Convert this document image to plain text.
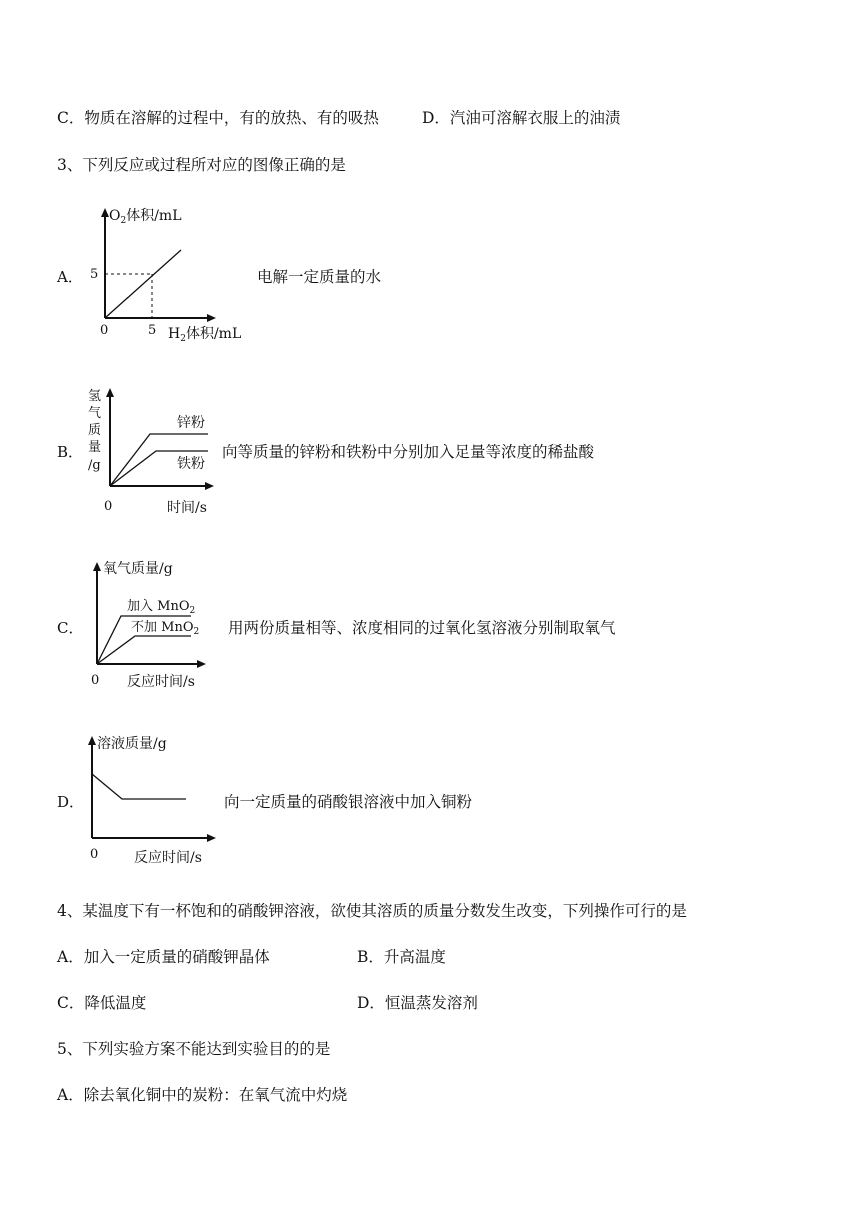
C．物质在溶解的过程中，有的放热、有的吸热	D．汽油可溶解衣服上的油渍
3、下列反应或过程所对应的图像正确的是
A．
$O_2$体积/mL
5
0	5 $H_2$体积/mL
电解一定质量的水
B．
氢
气
质
量
/g
锌粉
铁粉
0	时间/s
向等质量的锌粉和铁粉中分别加入足量等浓度的稀盐酸
C．
氧气质量/g
加入 MnO$_2$
不加 MnO$_2$
0 反应时间/s
用两份质量相等、浓度相同的过氧化氢溶液分别制取氧气
D．
溶液质量/g
0	反应时间/s
向一定质量的硝酸银溶液中加入铜粉
4、某温度下有一杯饱和的硝酸钾溶液，欲使其溶质的质量分数发生改变，下列操作可行的是
A．加入一定质量的硝酸钾晶体	B．升高温度
C．降低温度	D．恒温蒸发溶剂
5、下列实验方案不能达到实验目的的是
A．除去氧化铜中的炭粉：在氧气流中灼烧
